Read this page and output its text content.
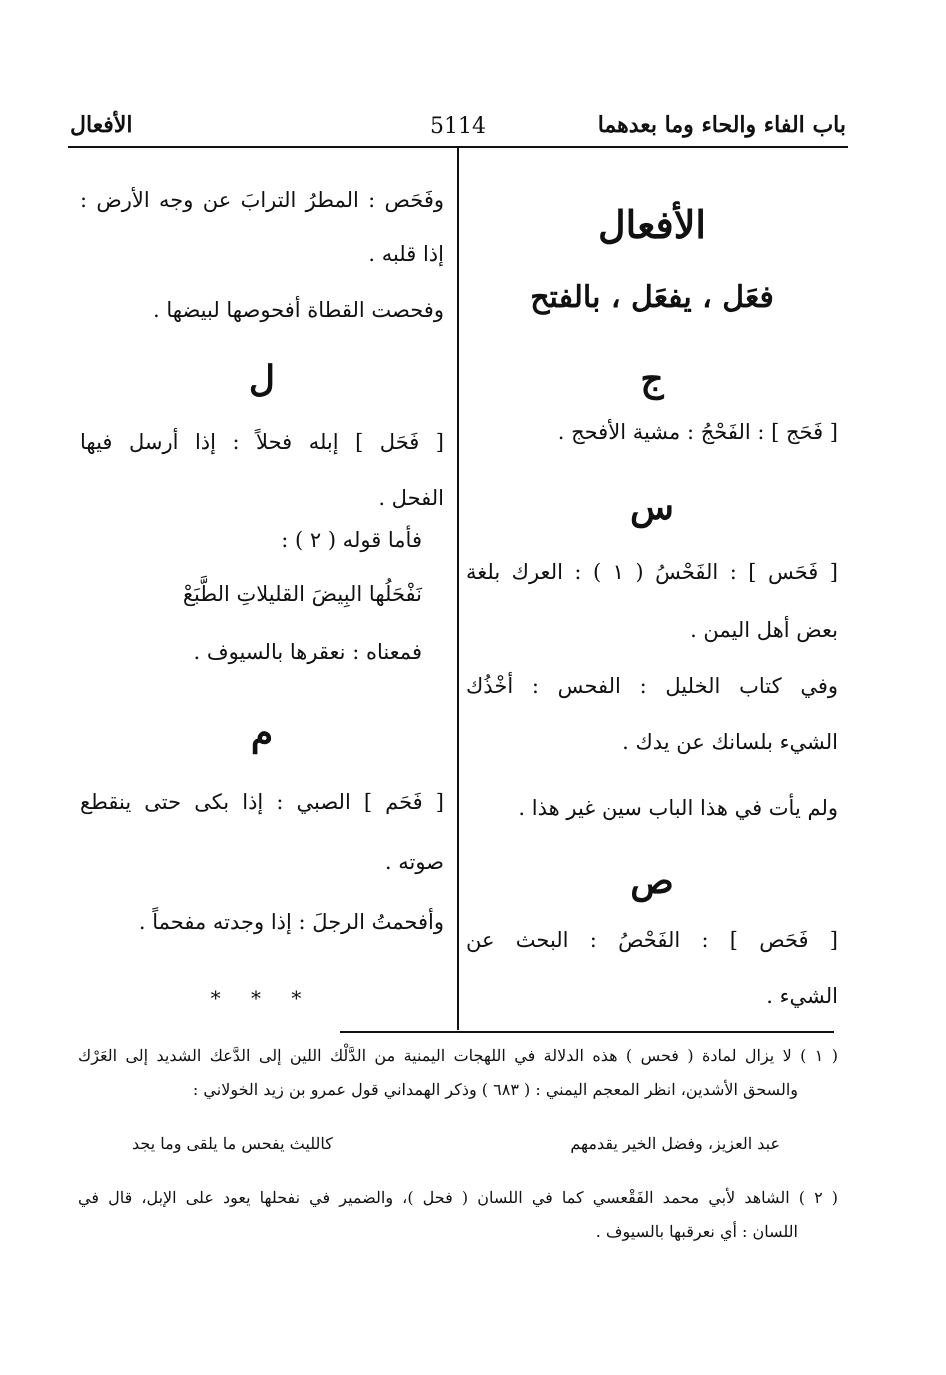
باب الفاء والحاء وما بعدهما
5114
الأفعال
الأفعال
فعَل ، يفعَل ، بالفتح
ج
[ فَحَج ] : الفَحْجُ : مشية الأفحج .
س
[ فَحَس ] : الفَحْسُ ( ١ ) : العرك بلغة
بعض أهل اليمن .
وفي كتاب الخليل : الفحس : أخْذُك
الشيء بلسانك عن يدك .
ولم يأت في هذا الباب سين غير هذا .
ص
[ فَحَص ] : الفَحْصُ : البحث عن
الشيء .
وفَحَص : المطرُ الترابَ عن وجه الأرض :
إذا قلبه .
وفحصت القطاة أفحوصها لبيضها .
ل
[ فَحَل ] إبله فحلاً : إذا أرسل فيها
الفحل .
فأما قوله ( ٢ ) :
نَفْحَلُها البِيضَ القليلاتِ الطَّبَعْ
فمعناه : نعقرها بالسيوف .
م
[ فَحَم ] الصبي : إذا بكى حتى ينقطع
صوته .
وأفحمتُ الرجلَ : إذا وجدته مفحماً .
* * *
( ١ ) لا يزال لمادة ( فحس ) هذه الدلالة في اللهجات اليمنية من الدَّلْك اللين إلى الدَّعك الشديد إلى العَرْك
والسحق الأشدين، انظر المعجم اليمني : ( ٦٨٣ ) وذكر الهمداني قول عمرو بن زيد الخولاني :
عبد العزيز، وفضل الخير يقدمهم
كالليث يفحس ما يلقى وما يجد
( ٢ ) الشاهد لأبي محمد الفَقْعسي كما في اللسان ( فحل )، والضمير في نفحلها يعود على الإبل، قال في
اللسان : أي نعرقبها بالسيوف .
